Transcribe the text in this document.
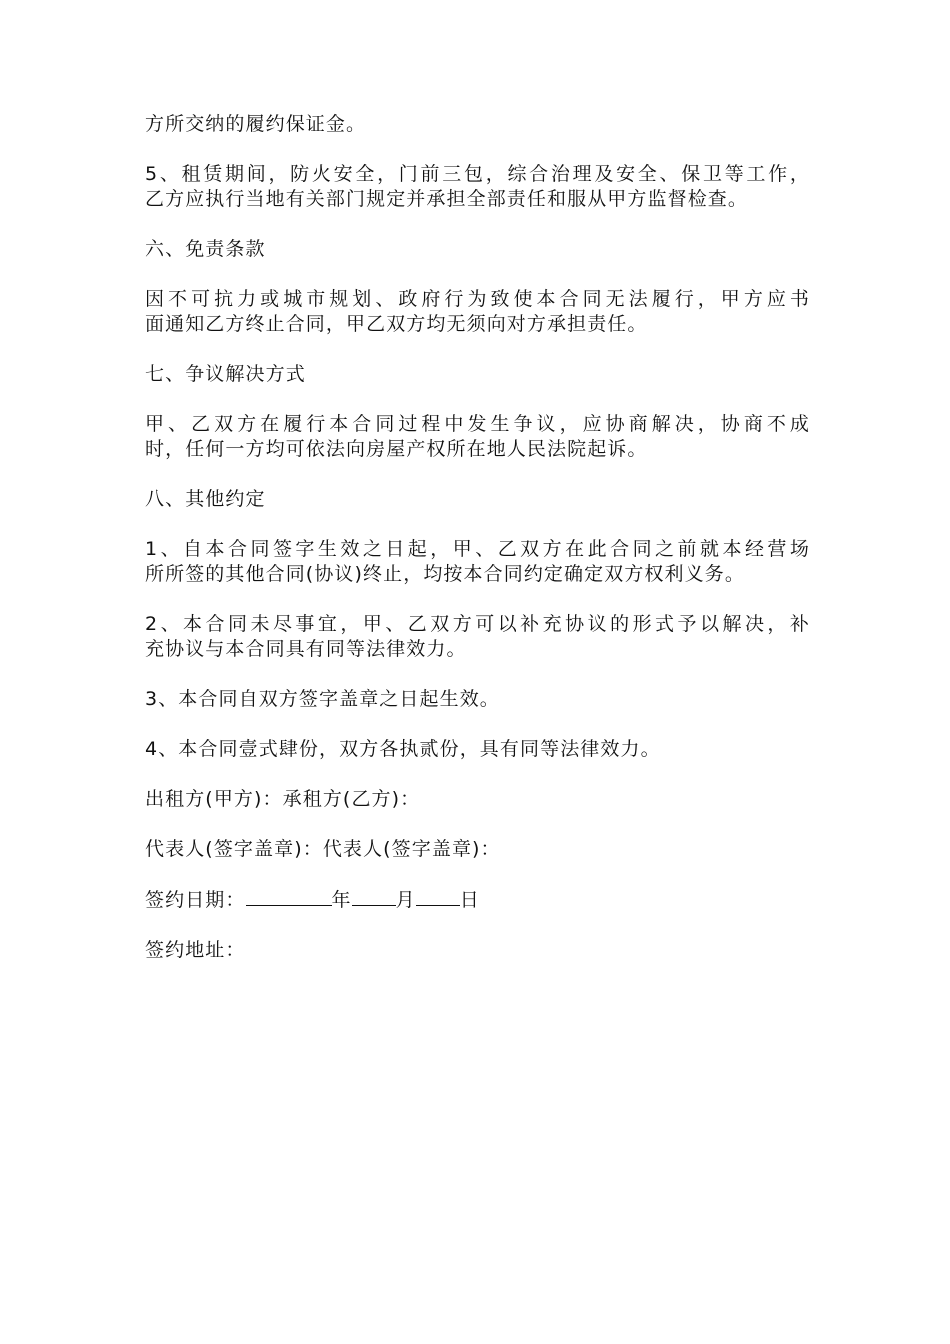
方所交纳的履约保证金。

5、租赁期间，防火安全，门前三包，综合治理及安全、保卫等工作，
乙方应执行当地有关部门规定并承担全部责任和服从甲方监督检查。

六、免责条款

因不可抗力或城市规划、政府行为致使本合同无法履行，甲方应书
面通知乙方终止合同，甲乙双方均无须向对方承担责任。

七、争议解决方式

甲、乙双方在履行本合同过程中发生争议，应协商解决，协商不成
时，任何一方均可依法向房屋产权所在地人民法院起诉。

八、其他约定

1、自本合同签字生效之日起，甲、乙双方在此合同之前就本经营场
所所签的其他合同(协议)终止，均按本合同约定确定双方权利义务。

2、本合同未尽事宜，甲、乙双方可以补充协议的形式予以解决，补
充协议与本合同具有同等法律效力。

3、本合同自双方签字盖章之日起生效。

4、本合同壹式肆份，双方各执贰份，具有同等法律效力。

出租方(甲方)：承租方(乙方)：

代表人(签字盖章)：代表人(签字盖章)：

签约日期：	年 月 日

签约地址：
